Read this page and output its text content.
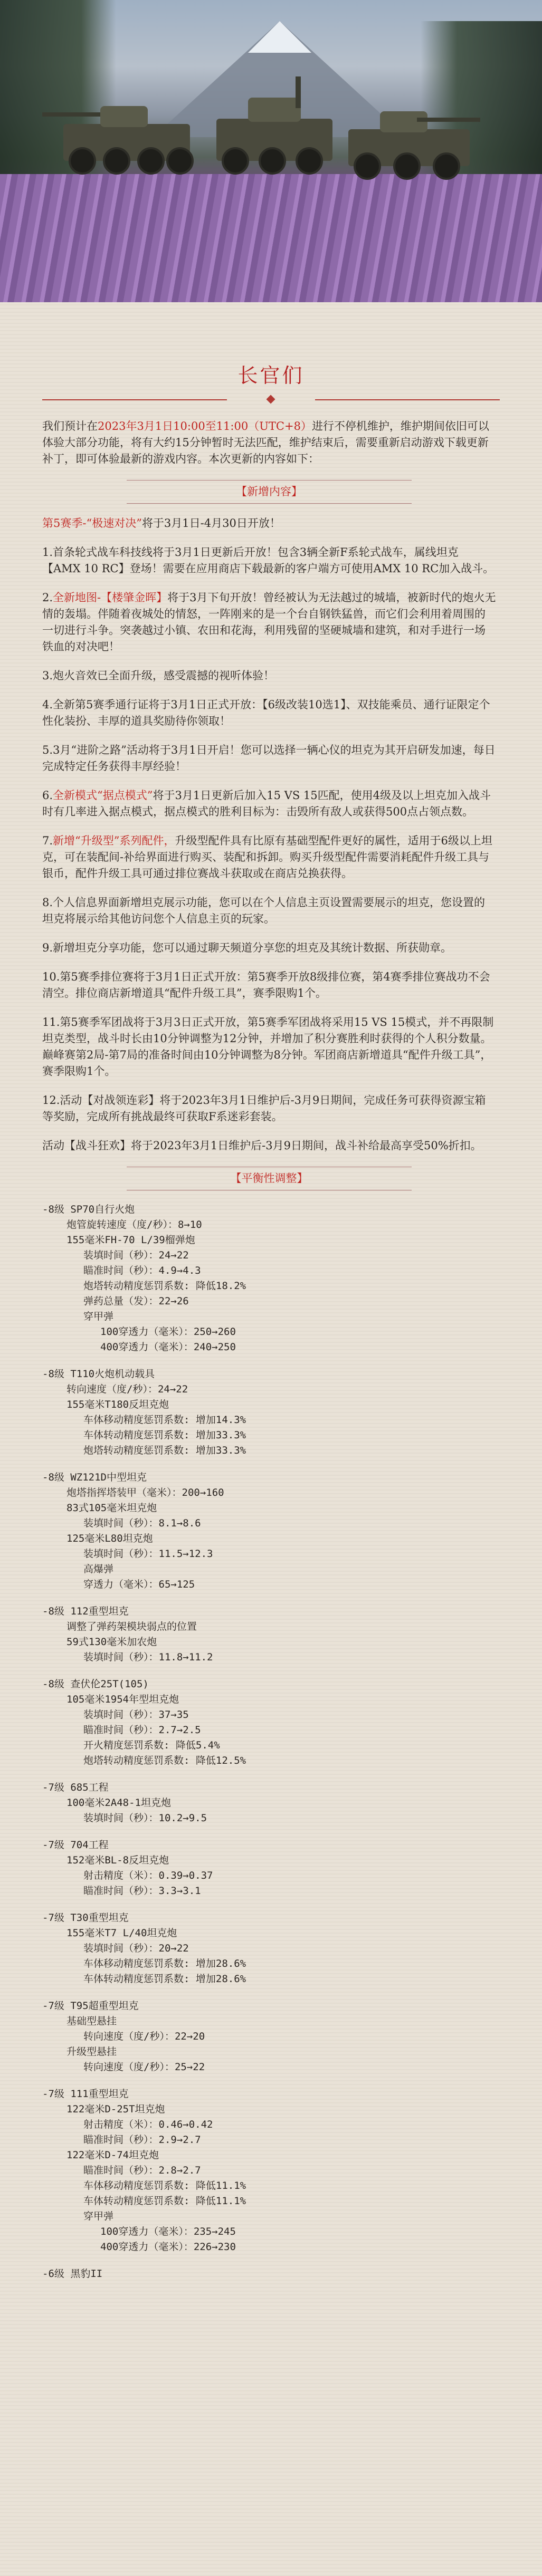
长官们

我们预计在2023年3月1日10:00至11:00（UTC+8）进行不停机维护，维护期间依旧可以体验大部分功能，将有大约15分钟暂时无法匹配，维护结束后，需要重新启动游戏下载更新补丁，即可体验最新的游戏内容。本次更新的内容如下：

【新增内容】

第5赛季-“极速对决”将于3月1日-4月30日开放！

1.首条轮式战车科技线将于3月1日更新后开放！包含3辆全新F系轮式战车，属线坦克【AMX 10 RC】登场！需要在应用商店下载最新的客户端方可使用AMX 10 RC加入战斗。

2.全新地图-【楼肇金晖】将于3月下旬开放！曾经被认为无法越过的城墙，被新时代的炮火无情的轰塌。伴随着夜城处的情怒，一阵刚来的是一个台自钢铁猛兽，而它们会利用着周围的一切进行斗争。突袭越过小镇、农田和花海，利用残留的坚硬城墙和建筑，和对手进行一场铁血的对决吧！

3.炮火音效已全面升级，感受震撼的视听体验！

4.全新第5赛季通行证将于3月1日正式开放：【6级改装10选1】、双技能乘员、通行证限定个性化装扮、丰厚的道具奖励待你领取！

5.3月“进阶之路”活动将于3月1日开启！您可以选择一辆心仪的坦克为其开启研发加速，每日完成特定任务获得丰厚经验！

6.全新模式“据点模式”将于3月1日更新后加入15 VS 15匹配，使用4级及以上坦克加入战斗时有几率进入据点模式，据点模式的胜利目标为：击毁所有敌人或获得500点占领点数。

7.新增“升级型”系列配件，升级型配件具有比原有基础型配件更好的属性，适用于6级以上坦克，可在装配间-补给界面进行购买、装配和拆卸。购买升级型配件需要消耗配件升级工具与银币，配件升级工具可通过排位赛战斗获取或在商店兑换获得。

8.个人信息界面新增坦克展示功能，您可以在个人信息主页设置需要展示的坦克，您设置的坦克将展示给其他访问您个人信息主页的玩家。

9.新增坦克分享功能，您可以通过聊天频道分享您的坦克及其统计数据、所获勋章。

10.第5赛季排位赛将于3月1日正式开放：第5赛季开放8级排位赛，第4赛季排位赛战功不会清空。排位商店新增道具“配件升级工具”，赛季限购1个。

11.第5赛季军团战将于3月3日正式开放，第5赛季军团战将采用15 VS 15模式，并不再限制坦克类型，战斗时长由10分钟调整为12分钟，并增加了积分赛胜利时获得的个人积分数量。巅峰赛第2局-第7局的准备时间由10分钟调整为8分钟。军团商店新增道具“配件升级工具”，赛季限购1个。

12.活动【对战领连彩】将于2023年3月1日维护后-3月9日期间，完成任务可获得资源宝箱等奖励，完成所有挑战最终可获取F系迷彩套装。

活动【战斗狂欢】将于2023年3月1日维护后-3月9日期间，战斗补给最高享受50%折扣。

【平衡性调整】
-8级 SP70自行火炮
炮管旋转速度（度/秒）：8→10
155毫米FH-70 L/39榴弹炮
装填时间（秒）：24→22
瞄准时间（秒）：4.9→4.3
炮塔转动精度惩罚系数: 降低18.2%
弹药总量（发）：22→26
穿甲弹
100穿透力（毫米）：250→260
400穿透力（毫米）：240→250
-8级 T110火炮机动载具
转向速度（度/秒）：24→22
155毫米T180反坦克炮
车体移动精度惩罚系数: 增加14.3%
车体转动精度惩罚系数: 增加33.3%
炮塔转动精度惩罚系数: 增加33.3%
-8级 WZ121D中型坦克
炮塔指挥塔装甲（毫米）：200→160
83式105毫米坦克炮
装填时间（秒）：8.1→8.6
125毫米L80坦克炮
装填时间（秒）：11.5→12.3
高爆弹
穿透力（毫米）：65→125
-8级 112重型坦克
调整了弹药架模块弱点的位置
59式130毫米加农炮
装填时间（秒）：11.8→11.2
-8级 查伏伦25T(105)
105毫米1954年型坦克炮
装填时间（秒）：37→35
瞄准时间（秒）：2.7→2.5
开火精度惩罚系数: 降低5.4%
炮塔转动精度惩罚系数: 降低12.5%
-7级 685工程
100毫米2A48-1坦克炮
装填时间（秒）：10.2→9.5
-7级 704工程
152毫米BL-8反坦克炮
射击精度（米）：0.39→0.37
瞄准时间（秒）：3.3→3.1
-7级 T30重型坦克
155毫米T7 L/40坦克炮
装填时间（秒）：20→22
车体移动精度惩罚系数: 增加28.6%
车体转动精度惩罚系数: 增加28.6%
-7级 T95超重型坦克
基础型悬挂
转向速度（度/秒）：22→20
升级型悬挂
转向速度（度/秒）：25→22
-7级 111重型坦克
122毫米D-25T坦克炮
射击精度（米）：0.46→0.42
瞄准时间（秒）：2.9→2.7
122毫米D-74坦克炮
瞄准时间（秒）：2.8→2.7
车体移动精度惩罚系数: 降低11.1%
车体转动精度惩罚系数: 降低11.1%
穿甲弹
100穿透力（毫米）：235→245
400穿透力（毫米）：226→230
-6级 黑豹II
